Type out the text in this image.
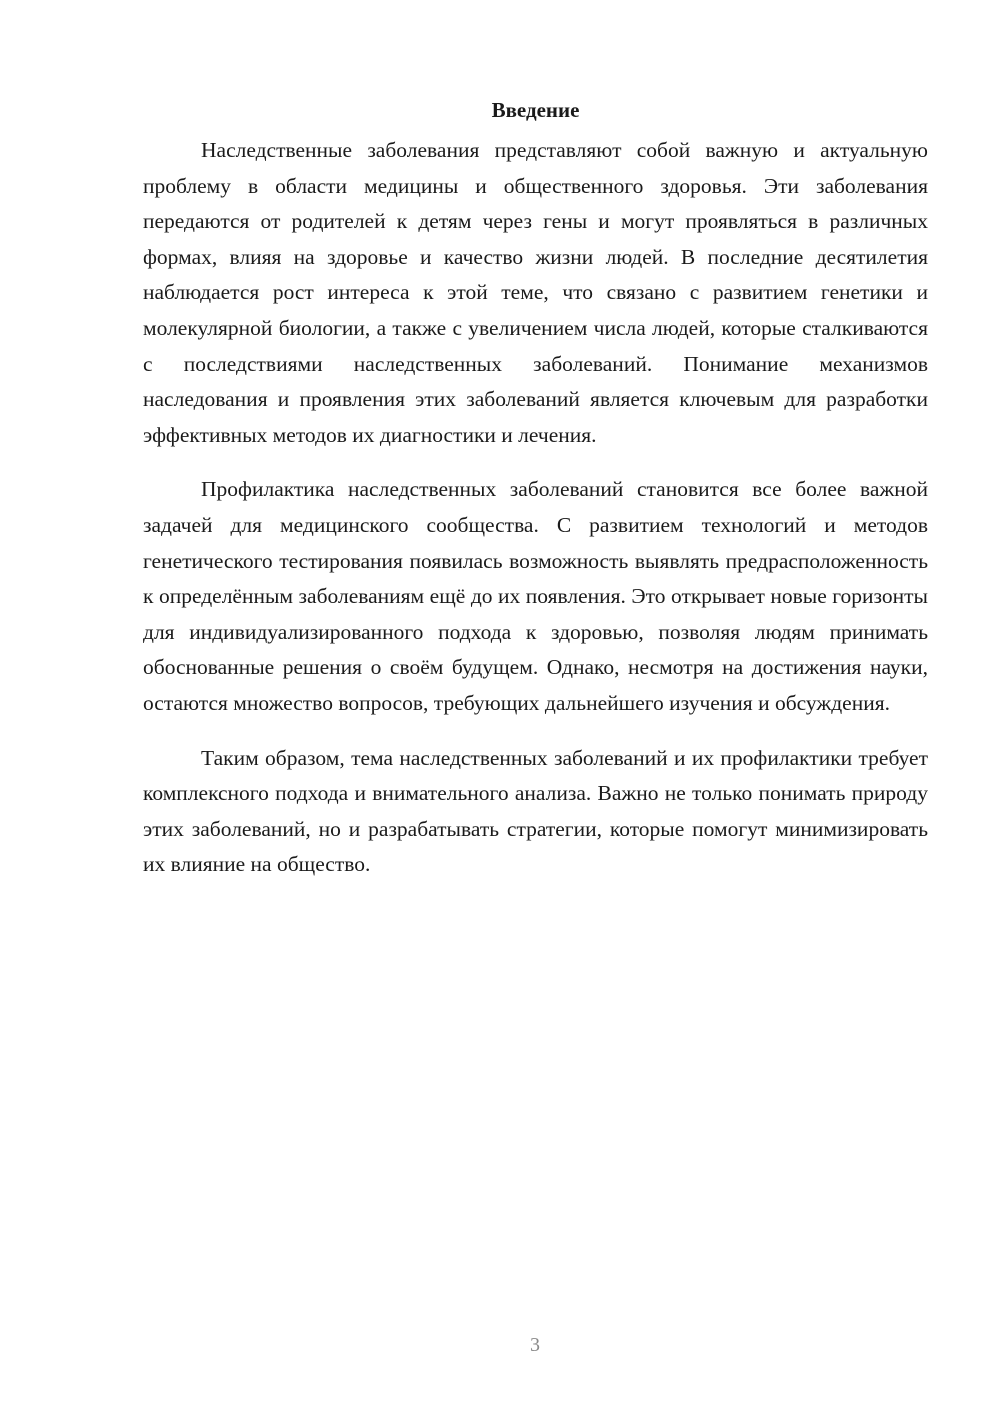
Введение

Наследственные заболевания представляют собой важную и актуальную проблему в области медицины и общественного здоровья. Эти заболевания передаются от родителей к детям через гены и могут проявляться в различных формах, влияя на здоровье и качество жизни людей. В последние десятилетия наблюдается рост интереса к этой теме, что связано с развитием генетики и молекулярной биологии, а также с увеличением числа людей, которые сталкиваются с последствиями наследственных заболеваний. Понимание механизмов наследования и проявления этих заболеваний является ключевым для разработки эффективных методов их диагностики и лечения.

Профилактика наследственных заболеваний становится все более важной задачей для медицинского сообщества. С развитием технологий и методов генетического тестирования появилась возможность выявлять предрасположенность к определённым заболеваниям ещё до их появления. Это открывает новые горизонты для индивидуализированного подхода к здоровью, позволяя людям принимать обоснованные решения о своём будущем. Однако, несмотря на достижения науки, остаются множество вопросов, требующих дальнейшего изучения и обсуждения.

Таким образом, тема наследственных заболеваний и их профилактики требует комплексного подхода и внимательного анализа. Важно не только понимать природу этих заболеваний, но и разрабатывать стратегии, которые помогут минимизировать их влияние на общество.

3
